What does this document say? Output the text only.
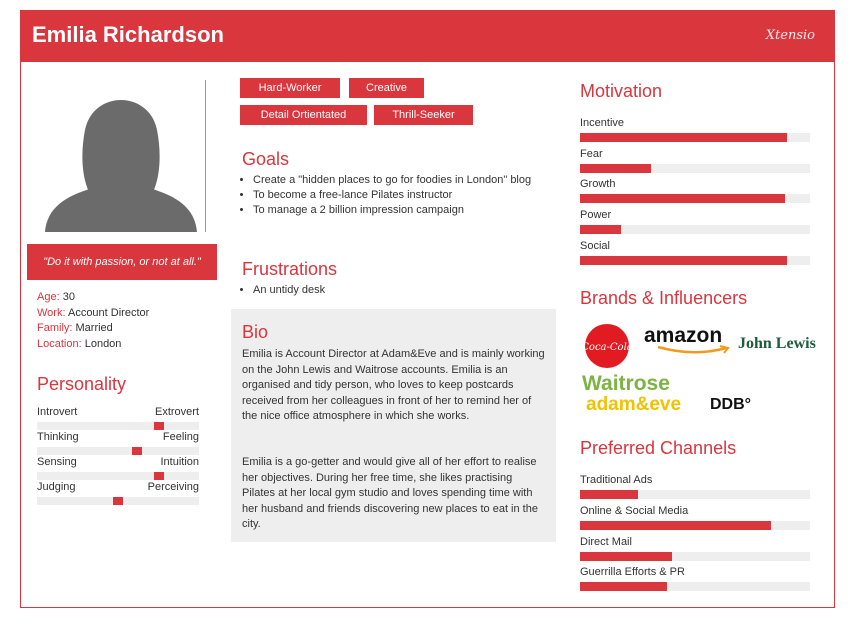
Emilia Richardson	Xtensio
"Do it with passion, or not at all."
Age: 30
Work: Account Director
Family: Married
Location: London
Personality
Introvert	Extrovert
Thinking	Feeling
Sensing	Intuition
Judging	Perceiving
Hard-Worker	Creative
Detail Ortientated	Thrill-Seeker
Goals
• Create a "hidden places to go for foodies in London" blog
• To become a free-lance Pilates instructor
• To manage a 2 billion impression campaign
Frustrations
• An untidy desk
Bio
Emilia is Account Director at Adam&Eve and is mainly working on the John Lewis and Waitrose accounts. Emilia is an organised and tidy person, who loves to keep postcards received from her colleagues in front of her to remind her of the nice office atmosphere in which she works.
Emilia is a go-getter and would give all of her effort to realise her objectives. During her free time, she likes practising Pilates at her local gym studio and loves spending time with her husband and friends discovering new places to eat in the city.
Motivation
Incentive
Fear
Growth
Power
Social
Brands & Influencers
Coca-Cola
amazon John Lewis
Waitrose
adam&eve DDB°
Preferred Channels
Traditional Ads
Online & Social Media
Direct Mail
Guerrilla Efforts & PR
